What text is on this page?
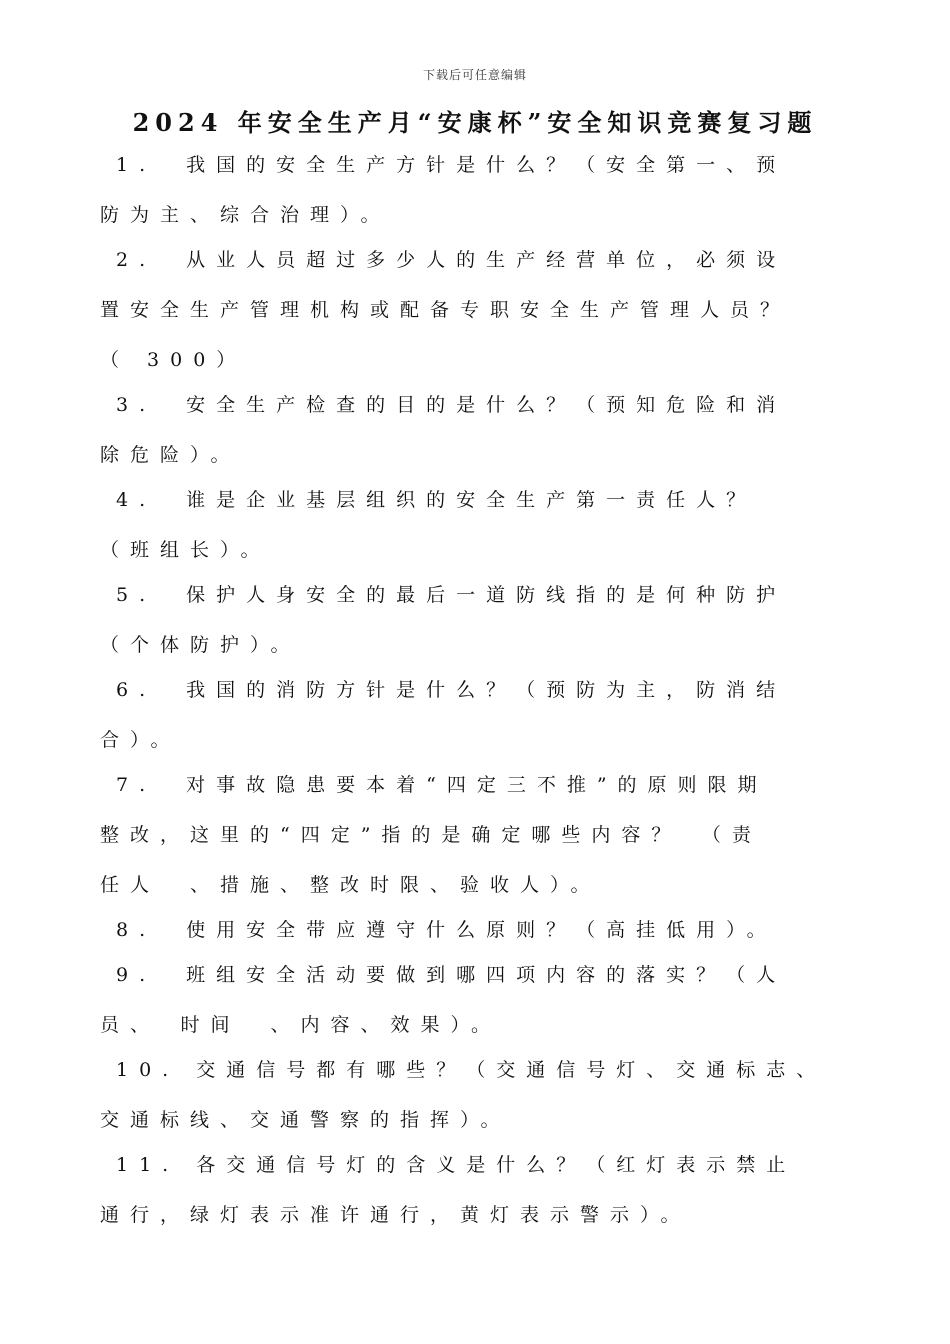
下载后可任意编辑
2024 年安全生产月“安康杯”安全知识竞赛复习题
1.　我国的安全生产方针是什么？（安全第一、预
防为主、综合治理）。
2.　从业人员超过多少人的生产经营单位，必须设
置安全生产管理机构或配备专职安全生产管理人员？
（ 300）
3.　安全生产检查的目的是什么？（预知危险和消
除危险）。
4.　谁是企业基层组织的安全生产第一责任人？
（班组长）。
5.　保护人身安全的最后一道防线指的是何种防护
（个体防护）。
6.　我国的消防方针是什么？（预防为主，防消结
合）。
7.　对事故隐患要本着“四定三不推”的原则限期
整改，这里的“四定”指的是确定哪些内容？　（责
任人　、措施、整改时限、验收人）。
8.　使用安全带应遵守什么原则？（高挂低用）。
9.　班组安全活动要做到哪四项内容的落实？（人
员、　时间　、内容、效果）。
10. 交通信号都有哪些？（交通信号灯、交通标志、
交通标线、交通警察的指挥）。
11. 各交通信号灯的含义是什么？（红灯表示禁止
通行，绿灯表示准许通行，黄灯表示警示）。
